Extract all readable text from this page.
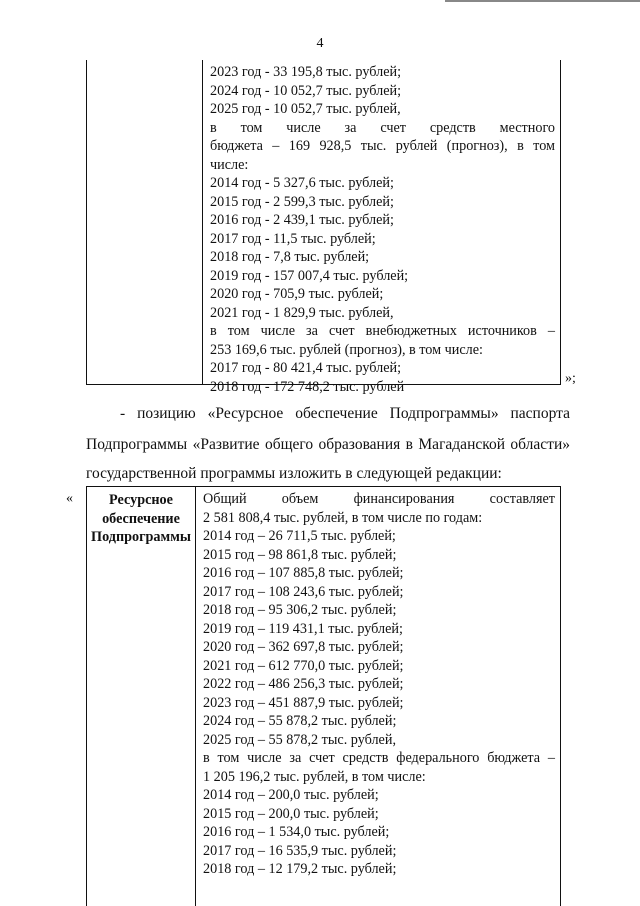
4
2023 год - 33 195,8 тыс. рублей;
2024 год - 10 052,7 тыс. рублей;
2025 год - 10 052,7 тыс. рублей,
в том числе за счет средств местного
бюджета – 169 928,5 тыс. рублей (прогноз), в том
числе:
2014 год - 5 327,6 тыс. рублей;
2015 год - 2 599,3 тыс. рублей;
2016 год - 2 439,1 тыс. рублей;
2017 год - 11,5 тыс. рублей;
2018 год - 7,8 тыс. рублей;
2019 год - 157 007,4 тыс. рублей;
2020 год - 705,9 тыс. рублей;
2021 год - 1 829,9 тыс. рублей,
в том числе за счет внебюджетных источников –
253 169,6 тыс. рублей (прогноз), в том числе:
2017 год - 80 421,4 тыс. рублей;
2018 год - 172 748,2 тыс. рублей	»;
- позицию «Ресурсное обеспечение Подпрограммы» паспорта
Подпрограммы «Развитие общего образования в Магаданской области»
государственной программы изложить в следующей редакции:
«	Ресурсное
обеспечение
Подпрограммы
Общий объем финансирования составляет
2 581 808,4 тыс. рублей, в том числе по годам:
2014 год – 26 711,5 тыс. рублей;
2015 год – 98 861,8 тыс. рублей;
2016 год – 107 885,8 тыс. рублей;
2017 год – 108 243,6 тыс. рублей;
2018 год – 95 306,2 тыс. рублей;
2019 год – 119 431,1 тыс. рублей;
2020 год – 362 697,8 тыс. рублей;
2021 год – 612 770,0 тыс. рублей;
2022 год – 486 256,3 тыс. рублей;
2023 год – 451 887,9 тыс. рублей;
2024 год – 55 878,2 тыс. рублей;
2025 год – 55 878,2 тыс. рублей,
в том числе за счет средств федерального бюджета –
1 205 196,2 тыс. рублей, в том числе:
2014 год – 200,0 тыс. рублей;
2015 год – 200,0 тыс. рублей;
2016 год – 1 534,0 тыс. рублей;
2017 год – 16 535,9 тыс. рублей;
2018 год – 12 179,2 тыс. рублей;
